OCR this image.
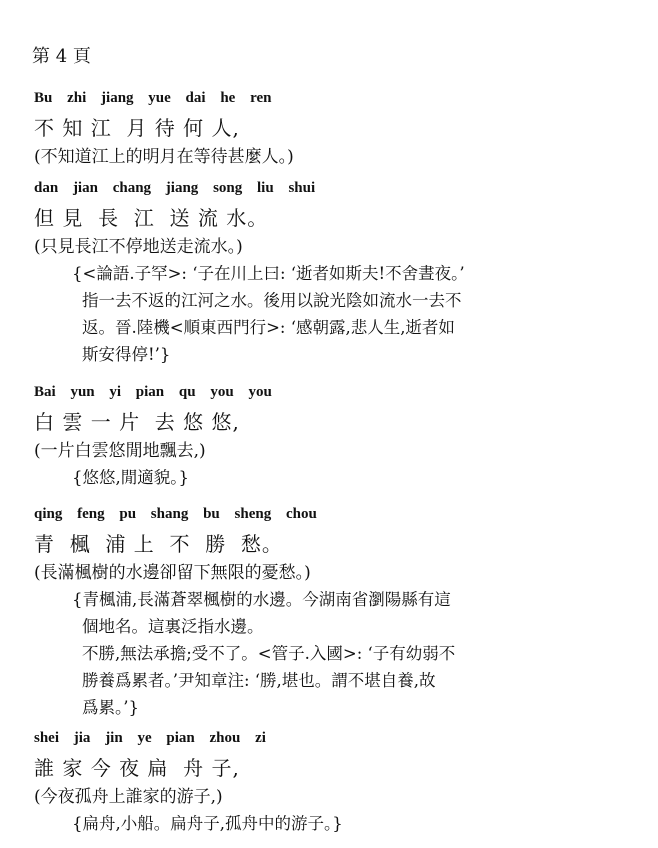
第 4 頁
Bu zhi jiang yue dai he ren
不 知 江  月 待 何 人,
(不知道江上的明月在等待甚麼人。)
dan jian chang jiang song liu shui
但 見  長  江  送 流 水。
(只見長江不停地送走流水。)

{<論語.子罕>: ‘子在川上曰: ‘逝者如斯夫!不舍晝夜。’

指一去不返的江河之水。後用以說光陰如流水一去不

返。晉.陸機<順東西門行>: ‘感朝露,悲人生,逝者如

斯安得停!’}

Bai yun yi pian qu you you
白 雲 一 片  去 悠 悠,
(一片白雲悠閒地飄去,)

{悠悠,閒適貌。}

qing feng pu shang bu sheng chou
青  楓  浦 上  不  勝  愁。
(長滿楓樹的水邊卻留下無限的憂愁。)

{青楓浦,長滿蒼翠楓樹的水邊。今湖南省瀏陽縣有這

個地名。這裏泛指水邊。

不勝,無法承擔;受不了。<管子.入國>: ‘子有幼弱不

勝養爲累者。’尹知章注: ‘勝,堪也。謂不堪自養,故

爲累。’}

shei jia jin ye pian zhou zi
誰 家 今 夜 扁  舟 子,
(今夜孤舟上誰家的游子,)

{扁舟,小船。扁舟子,孤舟中的游子。}
